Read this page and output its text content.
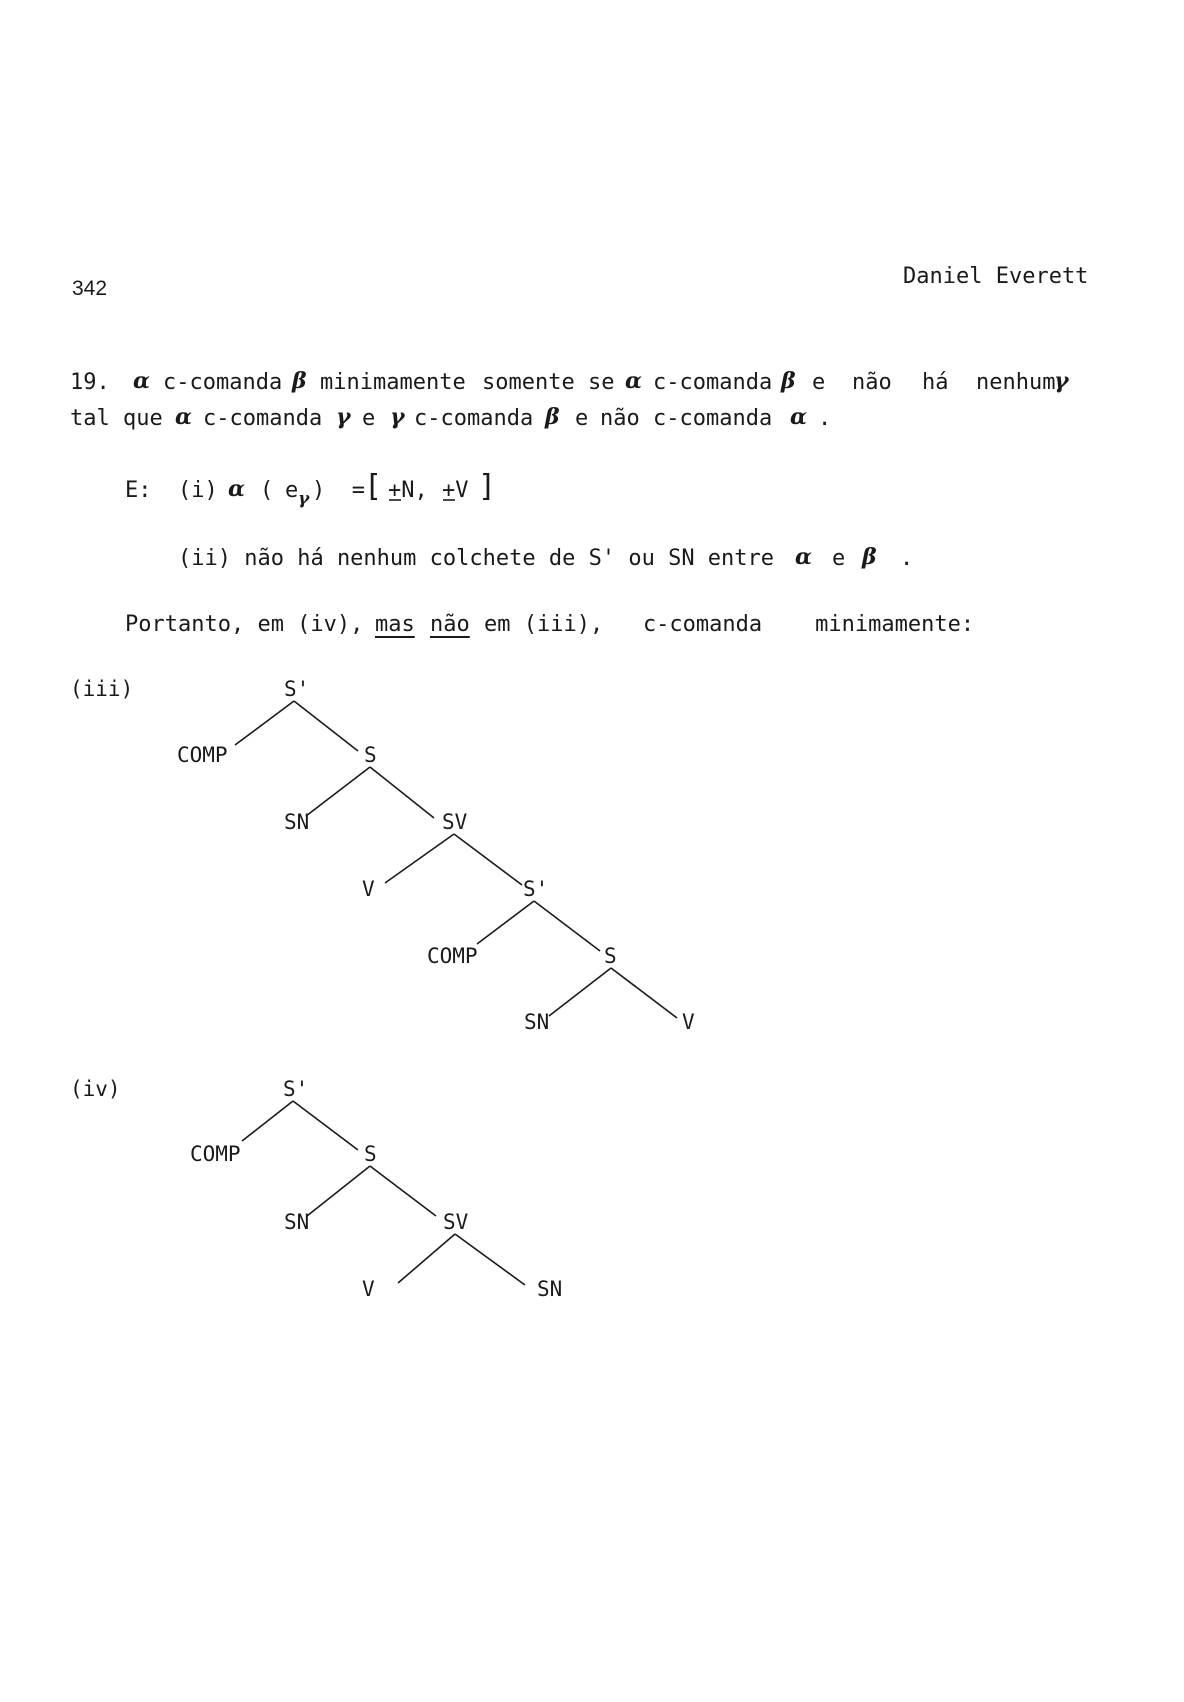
342	Daniel Everett
19. α c-comanda β minimamente somente se α c-comanda β e não há nenhum
γ
tal que α c-comanda γ e γ c-comanda β e não c-comanda α .
E:  (i) α ( e γ )  = [ +N, +V ]
(ii) não há nenhum colchete de S' ou SN entre α e β .
Portanto, em (iv), mas não em (iii),   c-comanda    minimamente:
(iii)	S'
COMP	S
SN	SV
V	S'
COMP	S
SN	V
(iv)	S'
COMP	S
SN	SV
V	SN
